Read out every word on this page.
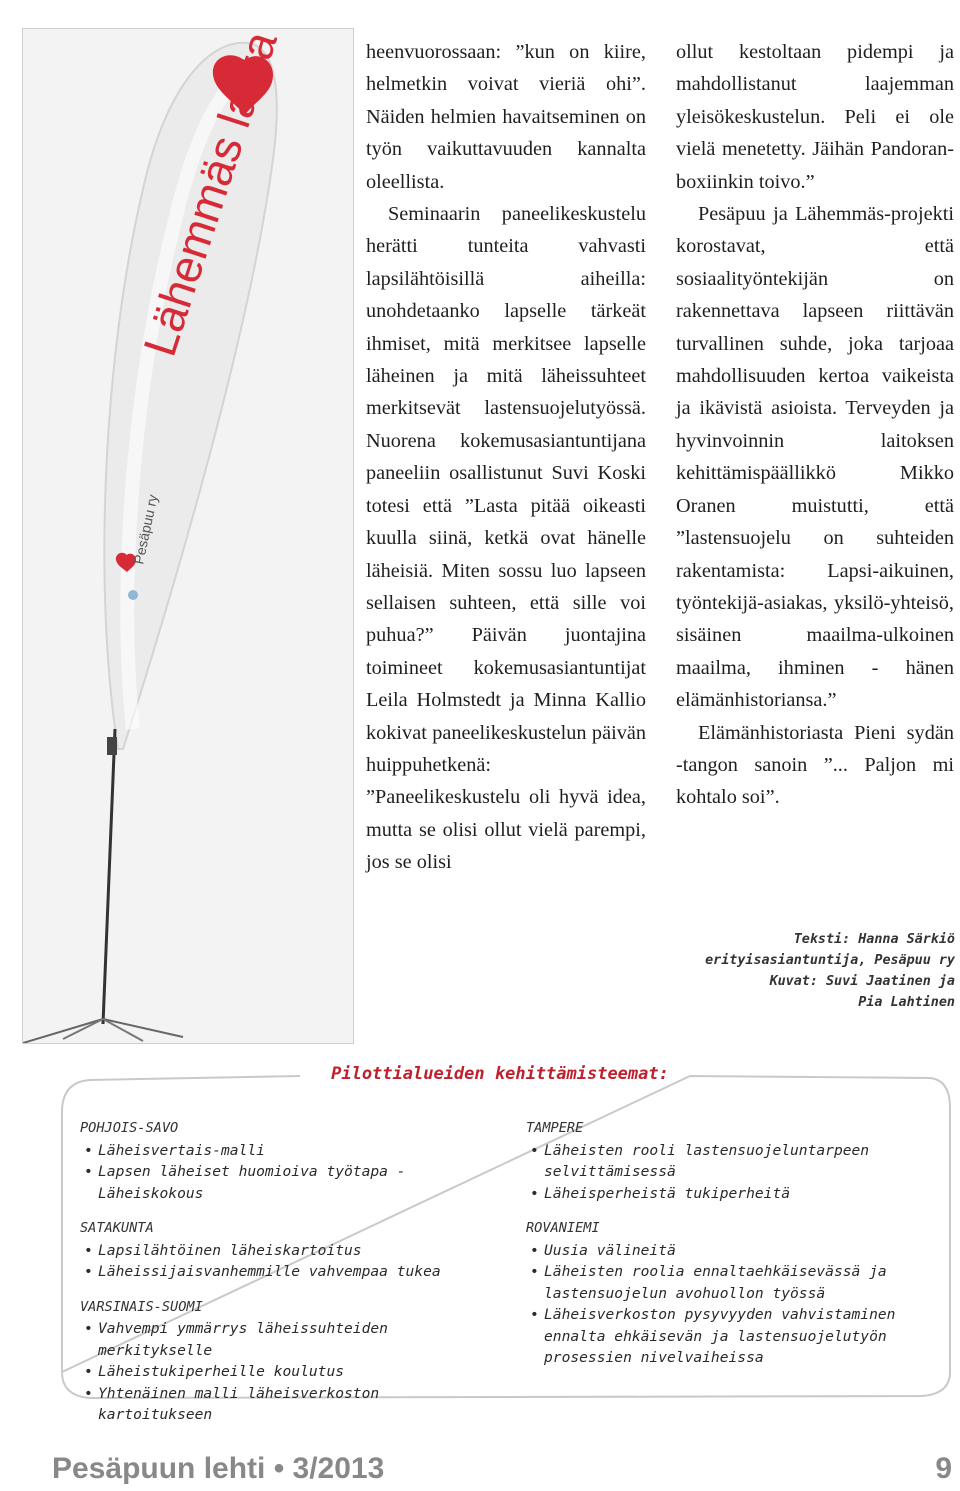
Lähemmäs lasta
Pesäpuu ry

heenvuorossaan: ”kun on kiire, helmetkin voivat vieriä ohi”. Näiden helmien havaitseminen on työn vaikuttavuuden kannalta oleellista.

Seminaarin paneelikeskustelu herätti tunteita vahvasti lapsilähtöisillä aiheilla: unohdetaanko lapselle tärkeät ihmiset, mitä merkitsee lapselle läheinen ja mitä läheissuhteet merkitsevät lastensuojelutyössä. Nuorena kokemusasiantuntijana paneeliin osallistunut Suvi Koski totesi että ”Lasta pitää oikeasti kuulla siinä, ketkä ovat hänelle läheisiä. Miten sossu luo lapseen sellaisen suhteen, että sille voi puhua?” Päivän juontajina toimineet kokemusasiantuntijat Leila Holmstedt ja Minna Kallio kokivat paneelikeskustelun päivän huippuhetkenä: ”Paneelikeskustelu oli hyvä idea, mutta se olisi ollut vielä parempi, jos se olisi

ollut kestoltaan pidempi ja mahdollistanut laajemman yleisökeskustelun. Peli ei ole vielä menetetty. Jäihän Pandoran-boxiinkin toivo.”

Pesäpuu ja Lähemmäs-projekti korostavat, että sosiaalityöntekijän on rakennettava lapseen riittävän turvallinen suhde, joka tarjoaa mahdollisuuden kertoa vaikeista ja ikävistä asioista. Terveyden ja hyvinvoinnin laitoksen kehittämispäällikkö Mikko Oranen muistutti, että ”lastensuojelu on suhteiden rakentamista: Lapsi-aikuinen, työntekijä-asiakas, yksilö-yhteisö, sisäinen maailma-ulkoinen maailma, ihminen - hänen elämänhistoriansa.”

Elämänhistoriasta Pieni sydän -tangon sanoin ”... Paljon mi kohtalo soi”.

Teksti: Hanna Särkiö
erityisasiantuntija, Pesäpuu ry
Kuvat: Suvi Jaatinen ja
Pia Lahtinen
Pilottialueiden kehittämisteemat:
POHJOIS-SAVO
• Läheisvertais-malli
• Lapsen läheiset huomioiva työtapa - Läheiskokous
SATAKUNTA
• Lapsilähtöinen läheiskartoitus
• Läheissijaisvanhemmille vahvempaa tukea
VARSINAIS-SUOMI
• Vahvempi ymmärrys läheissuhteiden merkitykselle
• Läheistukiperheille koulutus
• Yhtenäinen malli läheisverkoston kartoitukseen
TAMPERE
• Läheisten rooli lastensuojeluntarpeen selvittämisessä
• Läheisperheistä tukiperheitä
ROVANIEMI
• Uusia välineitä
• Läheisten roolia ennaltaehkäisevässä ja lastensuojelun avohuollon työssä
• Läheisverkoston pysyvyyden vahvistaminen ennalta ehkäisevän ja lastensuojelutyön prosessien nivelvaiheissa
Pesäpuun lehti • 3/2013	9
